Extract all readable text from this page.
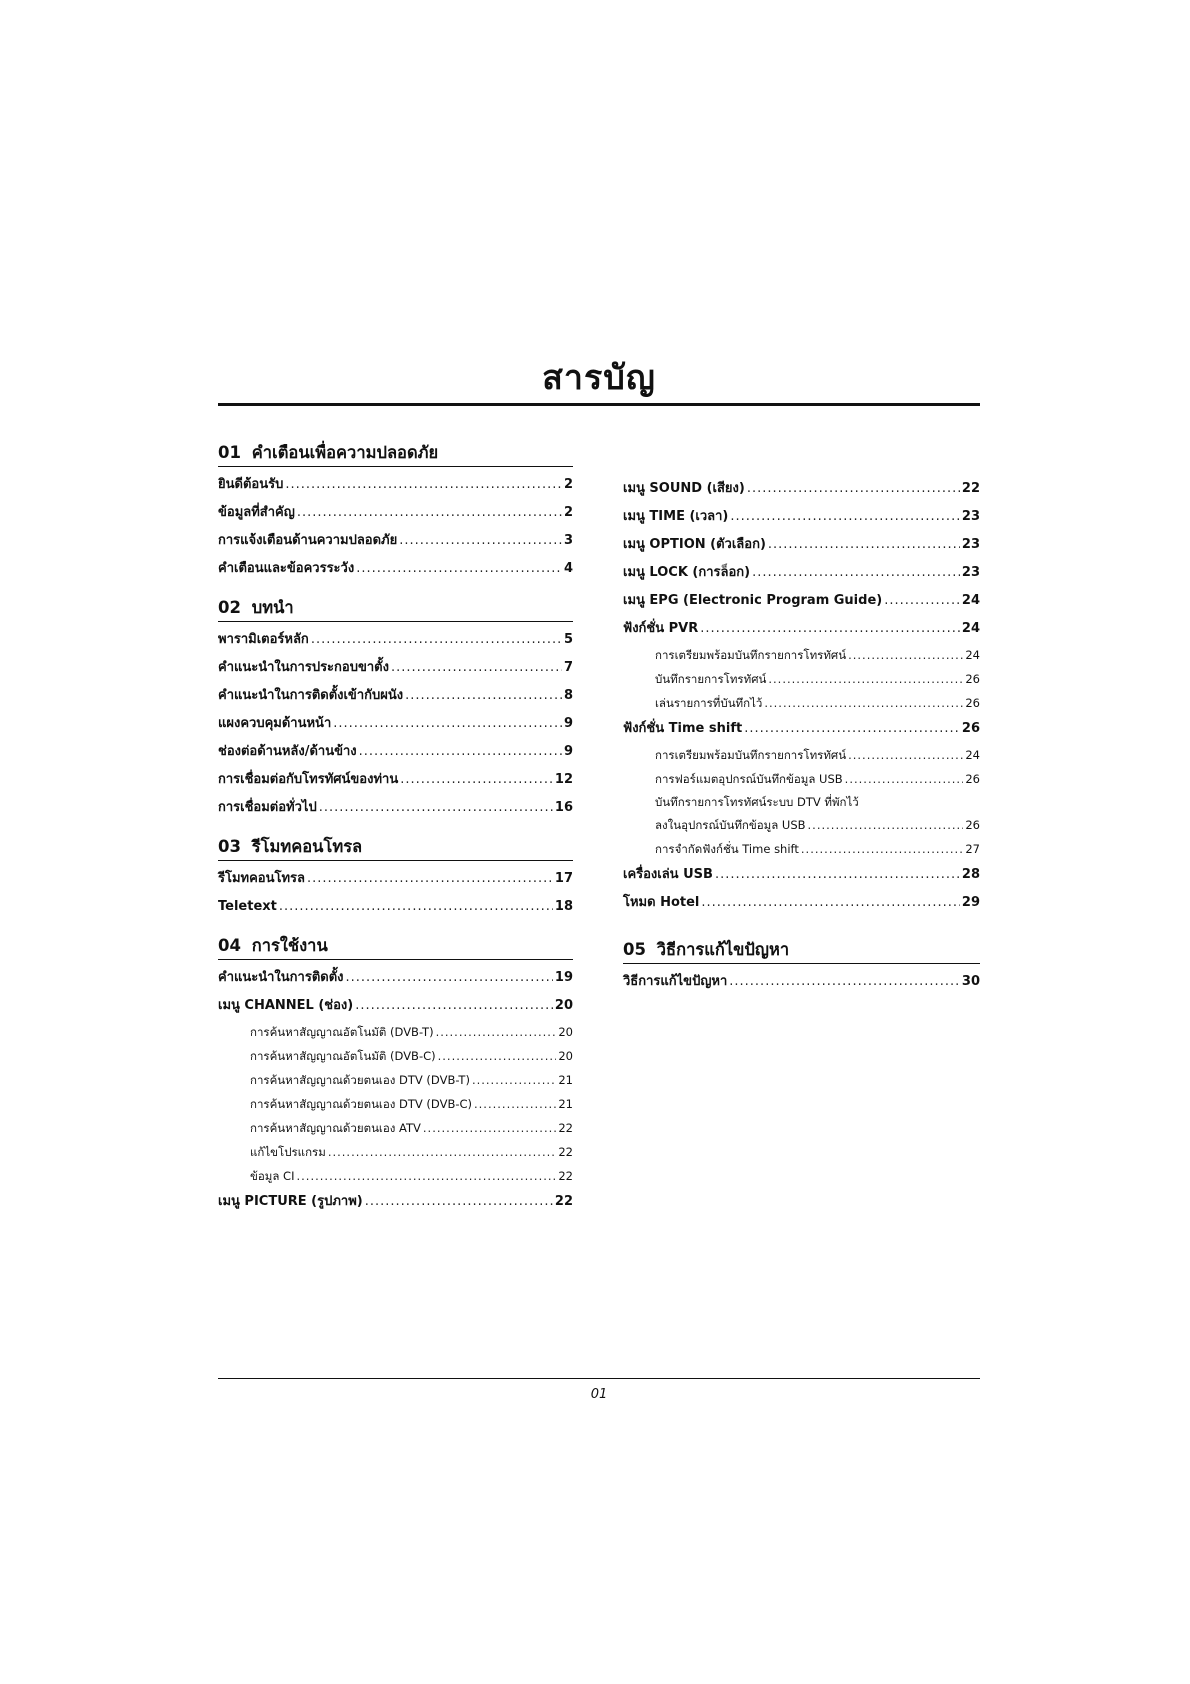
สารบัญ
01 คำเตือนเพื่อความปลอดภัย
ยินดีต้อนรับ .....	2
ข้อมูลที่สำคัญ .....	2
การแจ้งเตือนด้านความปลอดภัย .....	3
คำเตือนและข้อควรระวัง .....	4
02 บทนำ
พารามิเตอร์หลัก .....	5
คำแนะนำในการประกอบขาตั้ง .....	7
คำแนะนำในการติดตั้งเข้ากับผนัง .....	8
แผงควบคุมด้านหน้า .....	9
ช่องต่อด้านหลัง/ด้านข้าง .....	9
การเชื่อมต่อกับโทรทัศน์ของท่าน .....	12
การเชื่อมต่อทั่วไป .....	16
03 รีโมทคอนโทรล
รีโมทคอนโทรล .....	17
Teletext .....	18
04 การใช้งาน
คำแนะนำในการติดตั้ง .....	19
เมนู CHANNEL (ช่อง) .....	20
การค้นหาสัญญาณอัตโนมัติ (DVB-T) .....	20
การค้นหาสัญญาณอัตโนมัติ (DVB-C) .....	20
การค้นหาสัญญาณด้วยตนเอง DTV (DVB-T) .....	21
การค้นหาสัญญาณด้วยตนเอง DTV (DVB-C) .....	21
การค้นหาสัญญาณด้วยตนเอง ATV .....	22
แก้ไขโปรแกรม .....	22
ข้อมูล CI .....	22
เมนู PICTURE (รูปภาพ) .....	22
เมนู SOUND (เสียง) .....	22
เมนู TIME (เวลา) .....	23
เมนู OPTION (ตัวเลือก) .....	23
เมนู LOCK (การล็อก) .....	23
เมนู EPG (Electronic Program Guide) .....	24
ฟังก์ชั่น PVR .....	24
การเตรียมพร้อมบันทึกรายการโทรทัศน์ .....	24
บันทึกรายการโทรทัศน์ .....	26
เล่นรายการที่บันทึกไว้ .....	26
ฟังก์ชั่น Time shift .....	26
การเตรียมพร้อมบันทึกรายการโทรทัศน์ .....	24
การฟอร์แมตอุปกรณ์บันทึกข้อมูล USB .....	26
บันทึกรายการโทรทัศน์ระบบ DTV ที่พักไว้
ลงในอุปกรณ์บันทึกข้อมูล USB .....	26
การจำกัดฟังก์ชั่น Time shift .....	27
เครื่องเล่น USB .....	28
โหมด Hotel .....	29
05 วิธีการแก้ไขปัญหา
วิธีการแก้ไขปัญหา .....	30
01
